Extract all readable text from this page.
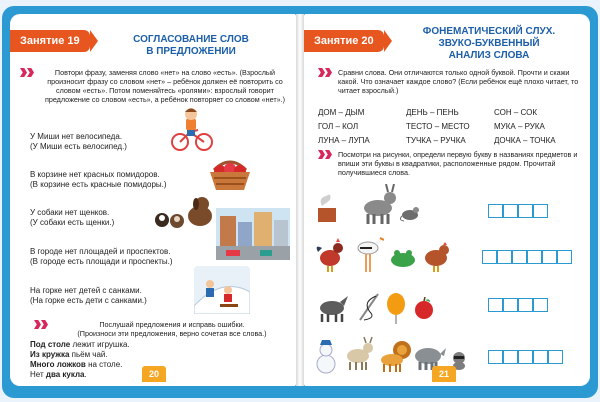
Занятие 19	СОГЛАСОВАНИЕ СЛОВ
В ПРЕДЛОЖЕНИИ
Повтори фразу, заменяя слово «нет» на слово «есть». (Взрослый произносит фразу со словом «нет» – ребёнок должен её повторить со словом «есть». Потом поменяйтесь «ролями»: взрослый говорит предложение со словом «есть», а ребёнок повторяет со словом «нет».)
У Миши нет велосипеда.
(У Миши есть велосипед.)
В корзине нет красных помидоров.
(В корзине есть красные помидоры.)
У собаки нет щенков.
(У собаки есть щенки.)
В городе нет площадей и проспектов.
(В городе есть площади и проспекты.)
На горке нет детей с санками.
(На горке есть дети с санками.)
Послушай предложения и исправь ошибки.
(Произноси эти предложения, верно сочетая все слова.)
Под столе лежит игрушка.
Из кружка пьём чай.
Много ложков на столе.
Нет два кукла.	20
Занятие 20
ФОНЕМАТИЧЕСКИЙ СЛУХ.
ЗВУКО-БУКВЕННЫЙ
АНАЛИЗ СЛОВА
Сравни слова. Они отличаются только одной буквой. Прочти и скажи какой. Что означает каждое слово? (Если ребёнок ещё плохо читает, то читает взрослый.)
ДОМ – ДЫМ	ДЕНЬ – ПЕНЬ	СОН – СОК
ГОЛ – КОЛ	ТЕСТО – МЕСТО	МУКА – РУКА
ЛУНА – ЛУПА	ТУЧКА – РУЧКА	ДОЧКА – ТОЧКА
Посмотри на рисунки, определи первую букву в названиях предметов и впиши эти буквы в квадратики, расположенные рядом. Прочитай получившиеся слова.
21
